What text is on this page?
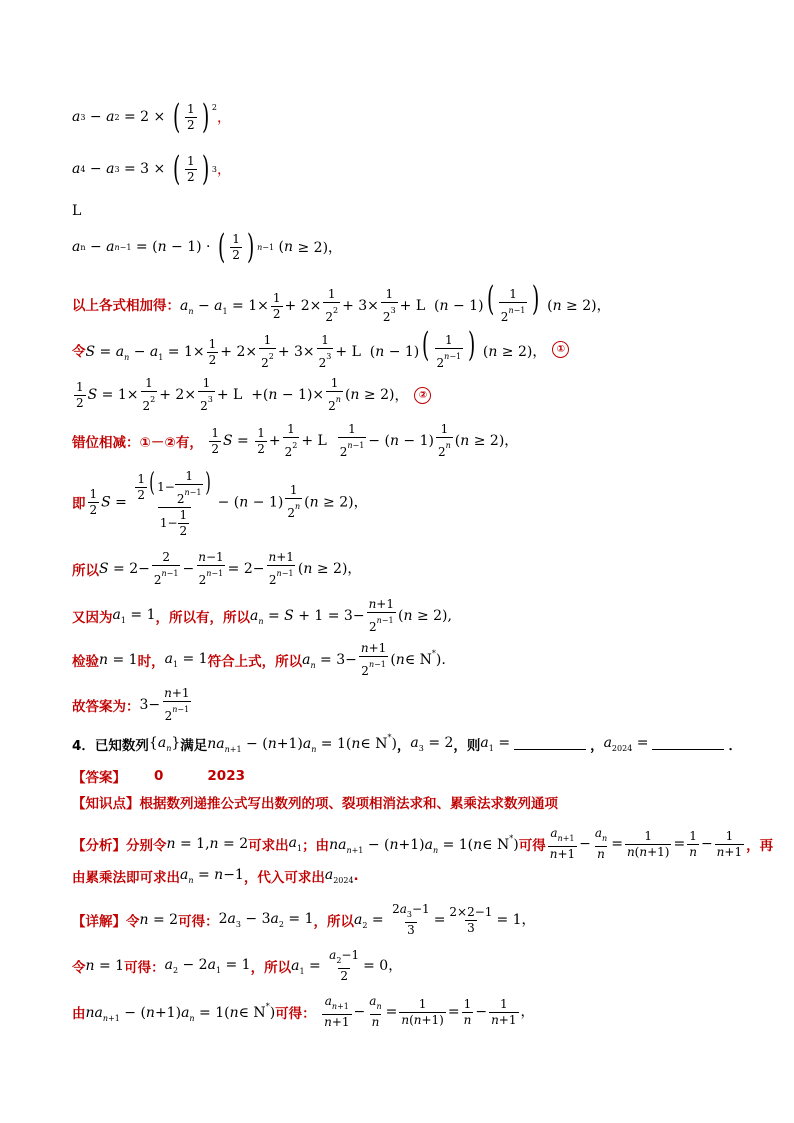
a 3 − a 2 = 2 × ( $\frac{1}{2}$ ) 2
，
a 4 − a 3 = 3 × ( $\frac{1}{2}$ ) 3 ，
L
a n − a n−1 = ( n − 1) · ( $\frac{1}{2}$ ) n−1 ( n ≥ 2)，
以上各式相加得： $a_n - a_1 = 1\times \frac{1}{2} + 2\times \frac{1}{2^2} + 3\times \frac{1}{2^3} + L$  $(n - 1)( \frac{1}{2^{n-1}}$ ) (n ≥ 2)，
令 $S = a_n - a_1 = 1\times \frac{1}{2} + 2\times \frac{1}{2^2} + 3\times \frac{1}{2^3} + L$  $(n - 1)( \frac{1}{2^{n-1}}$ ) (n ≥ 2)，	①
$\frac{1}{2}$ $S = 1\times \frac{1}{2^2} + 2\times \frac{1}{2^3} + L$  +( $n - 1)\times \frac{1}{2^n}$ ( n ≥ 2) ，	②
错位相减：①－②有，
$\frac{1}{2}$ $S = \frac{1}{2} + \frac{1}{2^2} + L \frac{1}{2^{n-1}} - (n - 1) \frac{1}{2^n} (n \ge 2)$，
即 $\frac{1}{2}$ $S = \frac{\frac{1}{2} ( 1- \frac{1}{2^{n-1}} )}{1- \frac{1}{2}} - (n - 1) \frac{1}{2^n} (n \ge 2)$，
所以 $S = 2- \frac{2}{2^{n-1}} - \frac{n-1}{2^{n-1}} = 2- \frac{n+1}{2^{n-1}} (n \ge 2)$，
又因为 $a_1 = 1$ ，所以有，所以 $a_n = S + 1 = 3- \frac{n+1}{2^{n-1}} (n \ge 2)$,
检验 n = 1 时， $a_1 = 1$ 符合上式，所以 $a_n = 3- \frac{n+1}{2^{n-1}}$ (n∈ N*).
故答案为： $3- \frac{n+1}{2^{n-1}}$
4． 已知数列 $\{a_n\}$ 满足 $na_{n+1} - (n+1)a_n$ = 1(n∈ N*) ， $a_3 = 2$ ，则 $a_1$ =	， $a_{2024}$ =	．
【答案】 0	2023
【知识点】 根据数列递推公式写出数列的项、裂项相消法求和、累乘法求数列通项
【分析】 分别令 n = 1,n = 2 可求出 $a_1$ ；由 $na_{n+1} - (n+1)a_n$ = 1(n∈ N*) 可得 $\frac{a_{n+1}}{n+1} - \frac{a_n}{n} = \frac{1}{n(n+1)} = \frac{1}{n} - \frac{1}{n+1}$ ，再
由累乘法即可求出 $a_n = n-1$ ，代入可求出 $a_{2024}$ .
【详解】 令 n = 2 可得： $2a_3 - 3a_2 = 1$ ，所以 $a_2 = \frac{2a_3-1}{3} = \frac{2\times 2-1}{3} = 1$，
令 n = 1 可得： $a_2 - 2a_1 = 1$ ，所以 $a_1 = \frac{a_2-1}{2} = 0$，
由 $na_{n+1} - (n+1)a_n$ = 1(n∈ N*) 可得：
$\frac{a_{n+1}}{n+1} - \frac{a_n}{n} = \frac{1}{n(n+1)} = \frac{1}{n} - \frac{1}{n+1}$ ，
